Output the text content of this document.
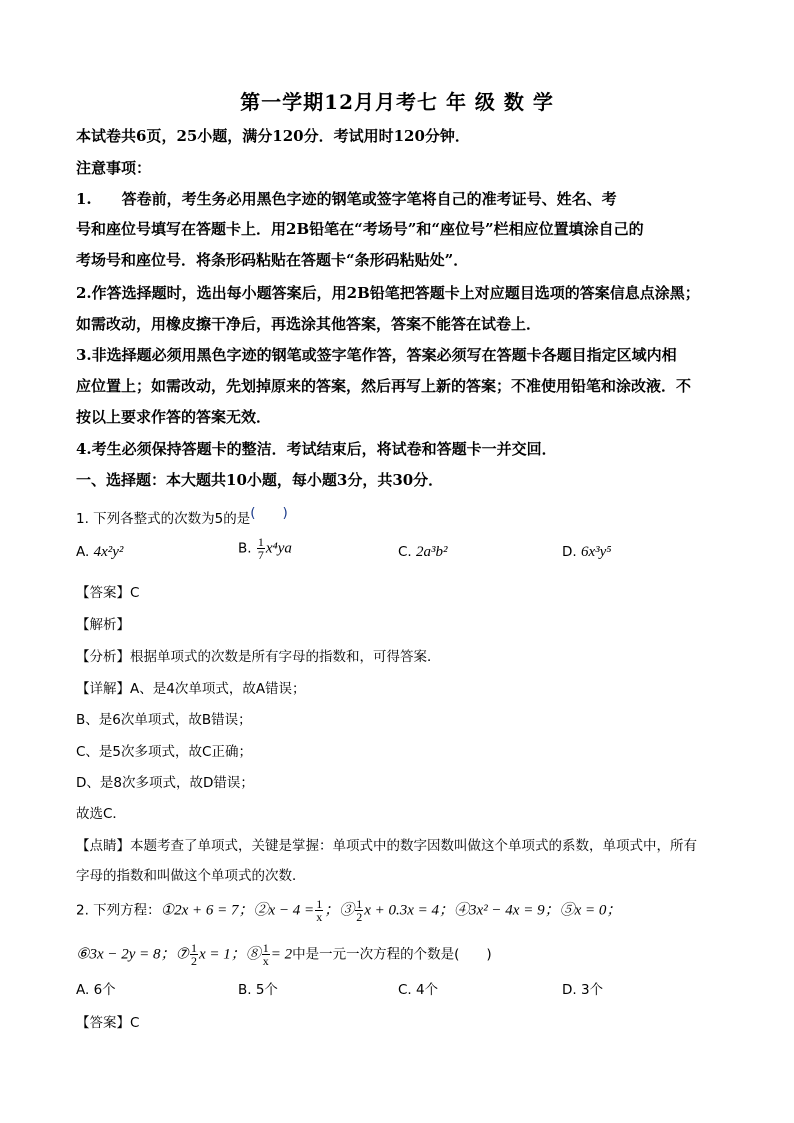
第一学期12月月考七 年 级 数 学
本试卷共6页，25小题，满分120分．考试用时120分钟．
注意事项：
1.　　答卷前，考生务必用黑色字迹的钢笔或签字笔将自己的准考证号、姓名、考
号和座位号填写在答题卡上．用2B铅笔在“考场号”和“座位号”栏相应位置填涂自己的
考场号和座位号．将条形码粘贴在答题卡“条形码粘贴处”．
2.作答选择题时，选出每小题答案后，用2B铅笔把答题卡上对应题目选项的答案信息点涂黑；
如需改动，用橡皮擦干净后，再选涂其他答案，答案不能答在试卷上．
3.非选择题必须用黑色字迹的钢笔或签字笔作答，答案必须写在答题卡各题目指定区域内相
应位置上；如需改动，先划掉原来的答案，然后再写上新的答案；不准使用铅笔和涂改液．不
按以上要求作答的答案无效．
4.考生必须保持答题卡的整洁．考试结束后，将试卷和答题卡一并交回．
一、选择题：本大题共10小题，每小题3分，共30分．
1. 下列各整式的次数为5的是(　　)
A. 4x²y²	B. $\frac{1}{7} x^4ya$	C. 2a³b²	D. 6x³y⁵
【答案】C
【解析】
【分析】根据单项式的次数是所有字母的指数和，可得答案．
【详解】A、是4次单项式，故A错误；
B、是6次单项式，故B错误；
C、是5次多项式，故C正确；
D、是8次多项式，故D错误；
故选C．
【点睛】本题考查了单项式，关键是掌握：单项式中的数字因数叫做这个单项式的系数，单项式中，所有
字母的指数和叫做这个单项式的次数．
2. 下列方程：①2x + 6 = 7；②x − $4 = \frac{1}{x}$ ；③ $\frac{1}{2}$ x + 0.3x = 4；④3x² − 4x = 9；⑤x = 0；
⑥3x − 2y = 8；⑦ $\frac{1}{2}$ x = 1；⑧ $\frac{1}{x} = 2$中是一元一次方程的个数是(　　)
A. 6个	B. 5个	C. 4个	D. 3个
【答案】C
